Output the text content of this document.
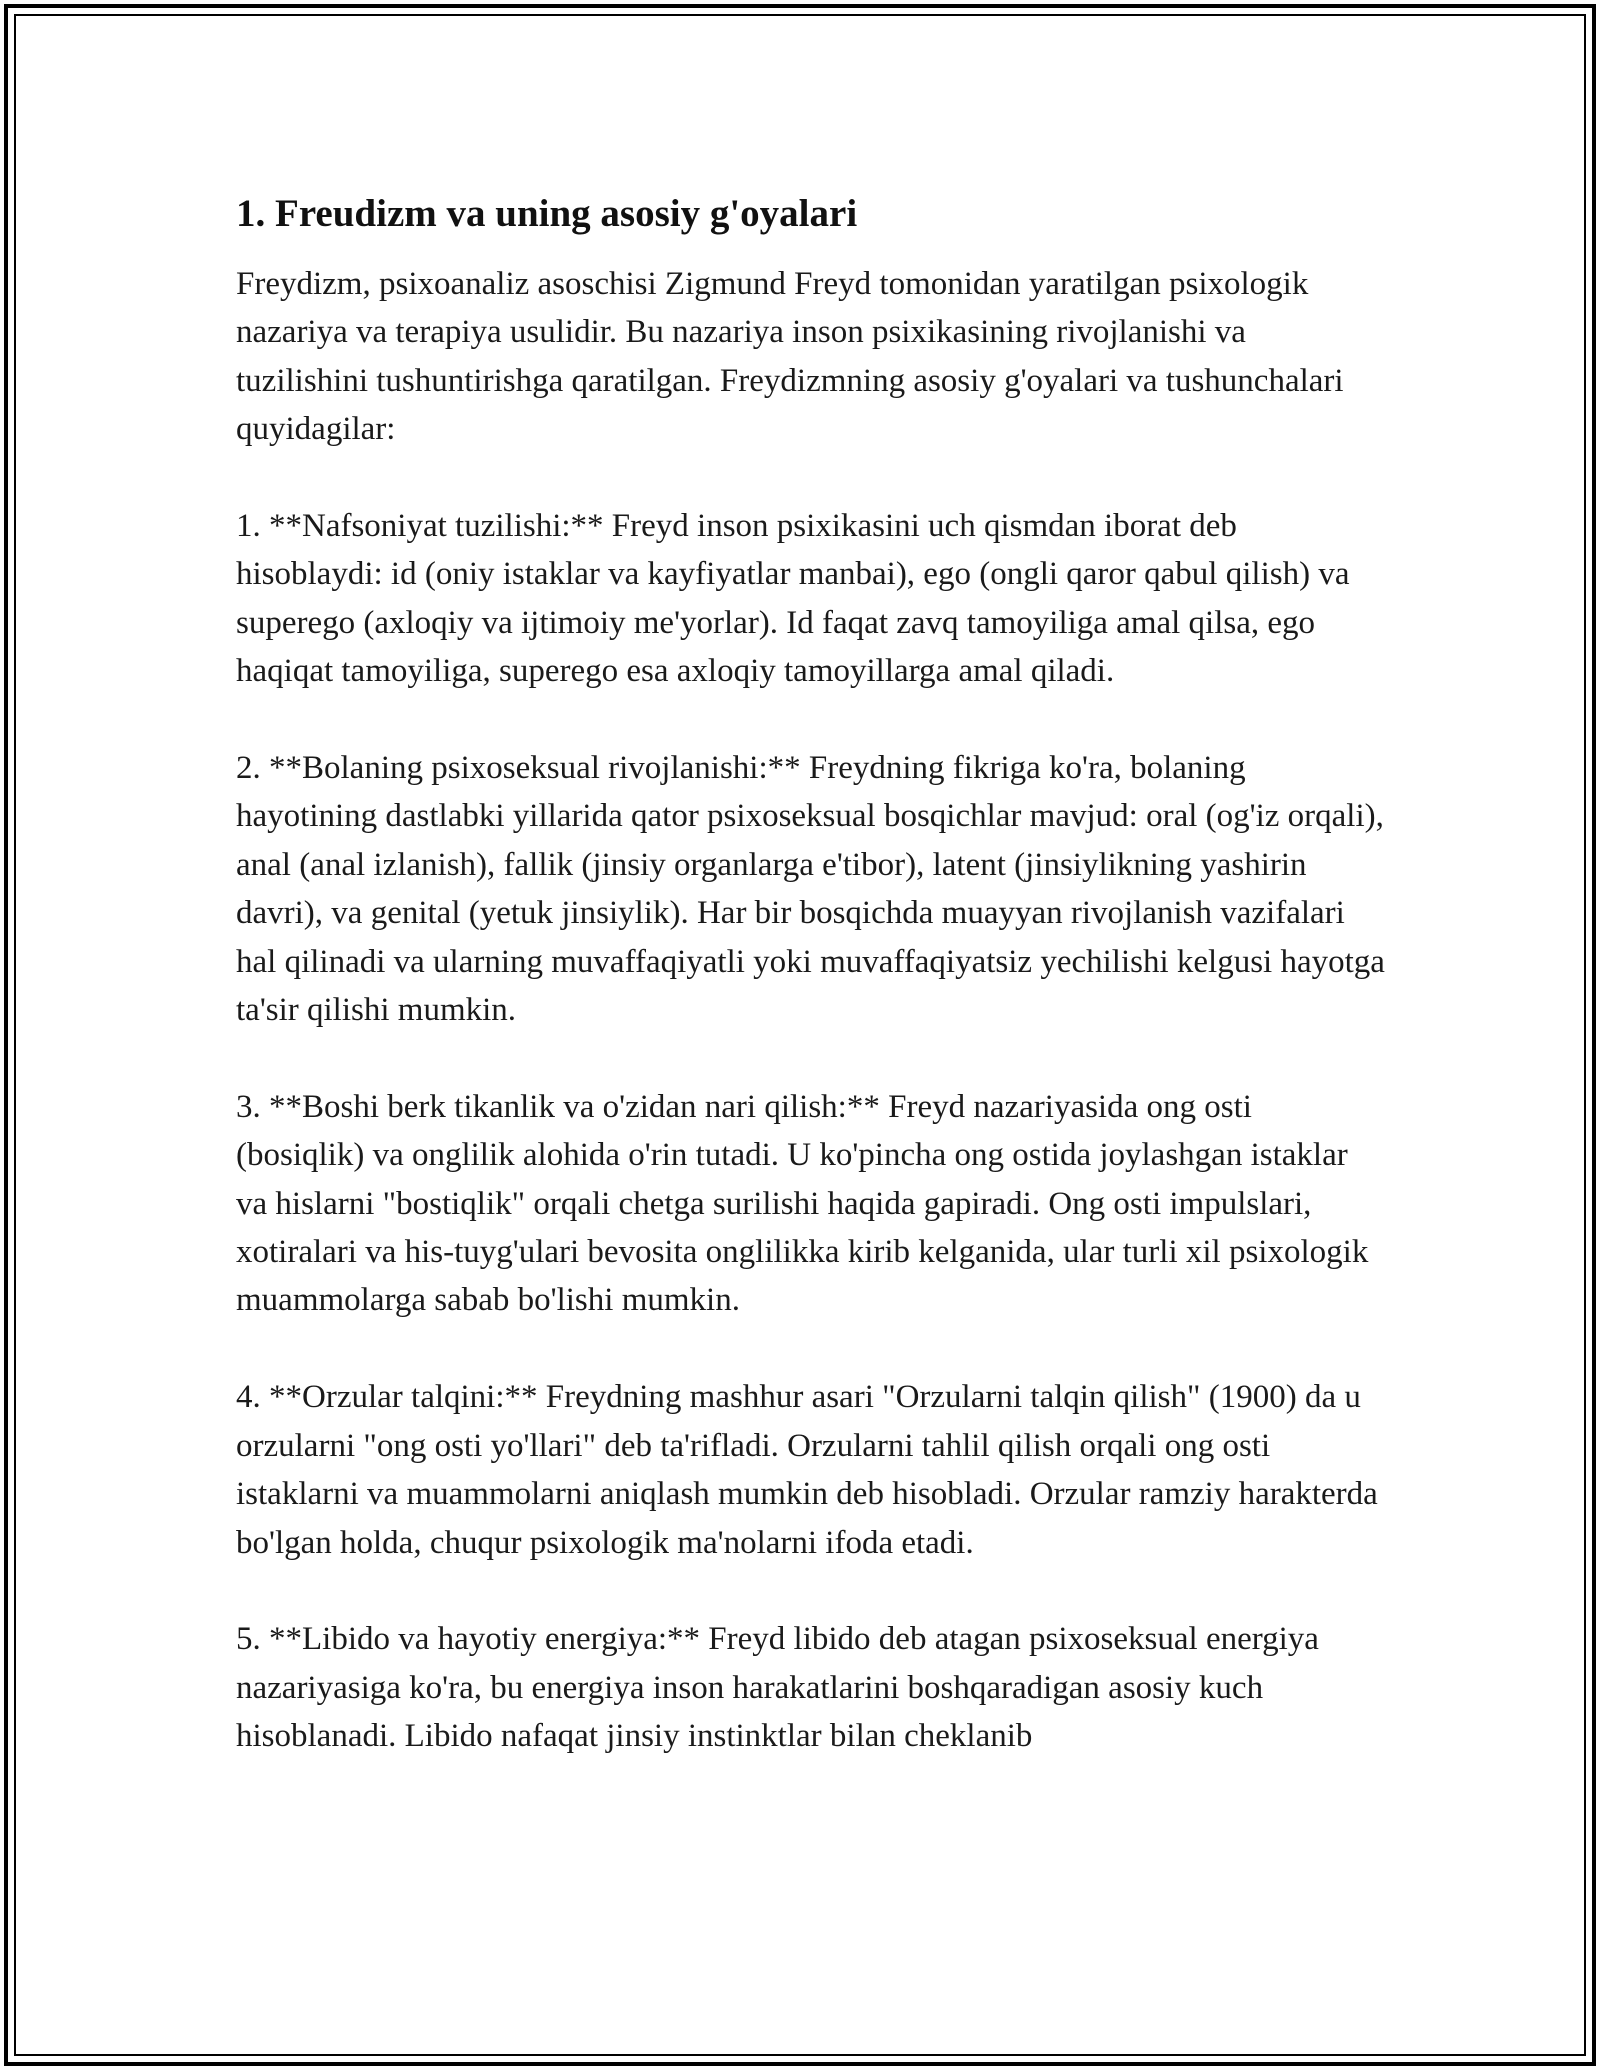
1. Freudizm va uning asosiy g'oyalari

Freydizm, psixoanaliz asoschisi Zigmund Freyd tomonidan yaratilgan psixologik nazariya va terapiya usulidir. Bu nazariya inson psixikasining rivojlanishi va tuzilishini tushuntirishga qaratilgan. Freydizmning asosiy g'oyalari va tushunchalari quyidagilar:

1. **Nafsoniyat tuzilishi:** Freyd inson psixikasini uch qismdan iborat deb hisoblaydi: id (oniy istaklar va kayfiyatlar manbai), ego (ongli qaror qabul qilish) va superego (axloqiy va ijtimoiy me'yorlar). Id faqat zavq tamoyiliga amal qilsa, ego haqiqat tamoyiliga, superego esa axloqiy tamoyillarga amal qiladi.

2. **Bolaning psixoseksual rivojlanishi:** Freydning fikriga ko'ra, bolaning hayotining dastlabki yillarida qator psixoseksual bosqichlar mavjud: oral (og'iz orqali), anal (anal izlanish), fallik (jinsiy organlarga e'tibor), latent (jinsiylikning yashirin davri), va genital (yetuk jinsiylik). Har bir bosqichda muayyan rivojlanish vazifalari hal qilinadi va ularning muvaffaqiyatli yoki muvaffaqiyatsiz yechilishi kelgusi hayotga ta'sir qilishi mumkin.

3. **Boshi berk tikanlik va o'zidan nari qilish:** Freyd nazariyasida ong osti (bosiqlik) va onglilik alohida o'rin tutadi. U ko'pincha ong ostida joylashgan istaklar va hislarni "bostiqlik" orqali chetga surilishi haqida gapiradi. Ong osti impulslari, xotiralari va his-tuyg'ulari bevosita onglilikka kirib kelganida, ular turli xil psixologik muammolarga sabab bo'lishi mumkin.

4. **Orzular talqini:** Freydning mashhur asari "Orzularni talqin qilish" (1900) da u orzularni "ong osti yo'llari" deb ta'rifladi. Orzularni tahlil qilish orqali ong osti istaklarni va muammolarni aniqlash mumkin deb hisobladi. Orzular ramziy harakterda bo'lgan holda, chuqur psixologik ma'nolarni ifoda etadi.

5. **Libido va hayotiy energiya:** Freyd libido deb atagan psixoseksual energiya nazariyasiga ko'ra, bu energiya inson harakatlarini boshqaradigan asosiy kuch hisoblanadi. Libido nafaqat jinsiy instinktlar bilan cheklanib
